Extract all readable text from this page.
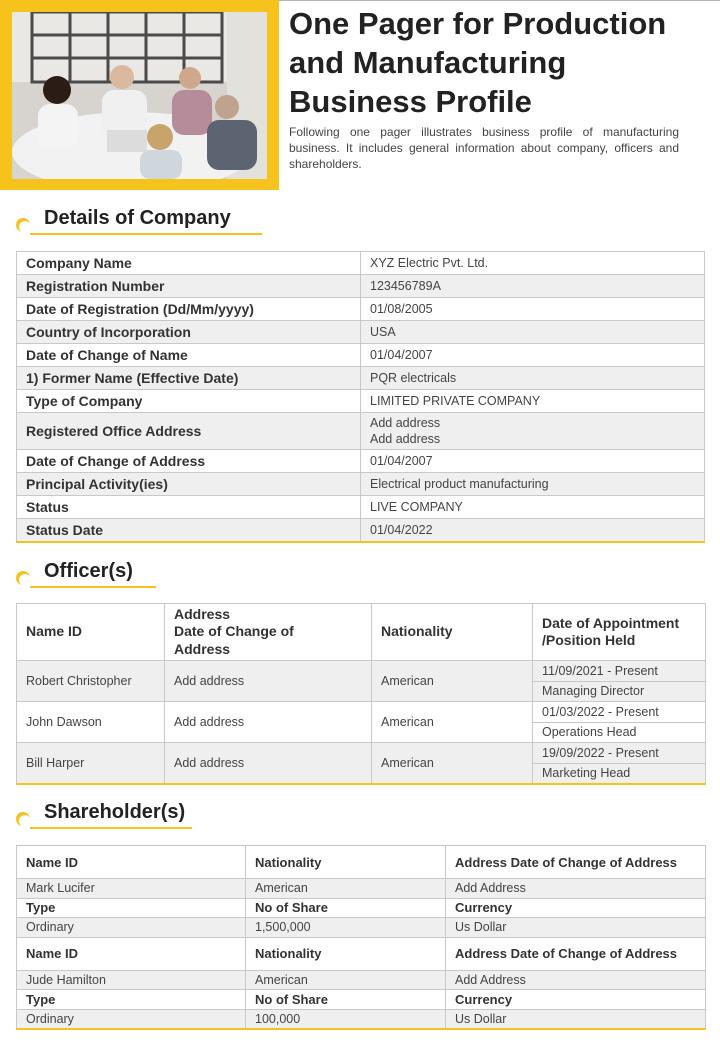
One Pager for Production
and Manufacturing
Business Profile

Following one pager illustrates business profile of manufacturing business. It includes general information about company, officers and shareholders.

Details of Company
Company Name	XYZ Electric Pvt. Ltd.
Registration Number	123456789A
Date of Registration (Dd/Mm/yyyy)	01/08/2005
Country of Incorporation	USA
Date of Change of Name	01/04/2007
1) Former Name (Effective Date)	PQR electricals
Type of Company	LIMITED PRIVATE COMPANY
Registered Office Address	Add address
Add address
Date of Change of Address	01/04/2007
Principal Activity(ies)	Electrical product manufacturing
Status	LIVE COMPANY
Status Date	01/04/2022
Officer(s)
Name ID	Address
Date of Change of
Address	Nationality	Date of Appointment
/Position Held
Robert Christopher	Add address	American	11/09/2021 - Present
			Managing Director
John Dawson	Add address	American	01/03/2022 - Present
			Operations Head
Bill Harper	Add address	American	19/09/2022 - Present
			Marketing Head
Shareholder(s)
Name ID	Nationality	Address Date of Change of Address
Mark Lucifer	American	Add Address
Type	No of Share	Currency
Ordinary	1,500,000	Us Dollar
Name ID	Nationality	Address Date of Change of Address
Jude Hamilton	American	Add Address
Type	No of Share	Currency
Ordinary	100,000	Us Dollar
